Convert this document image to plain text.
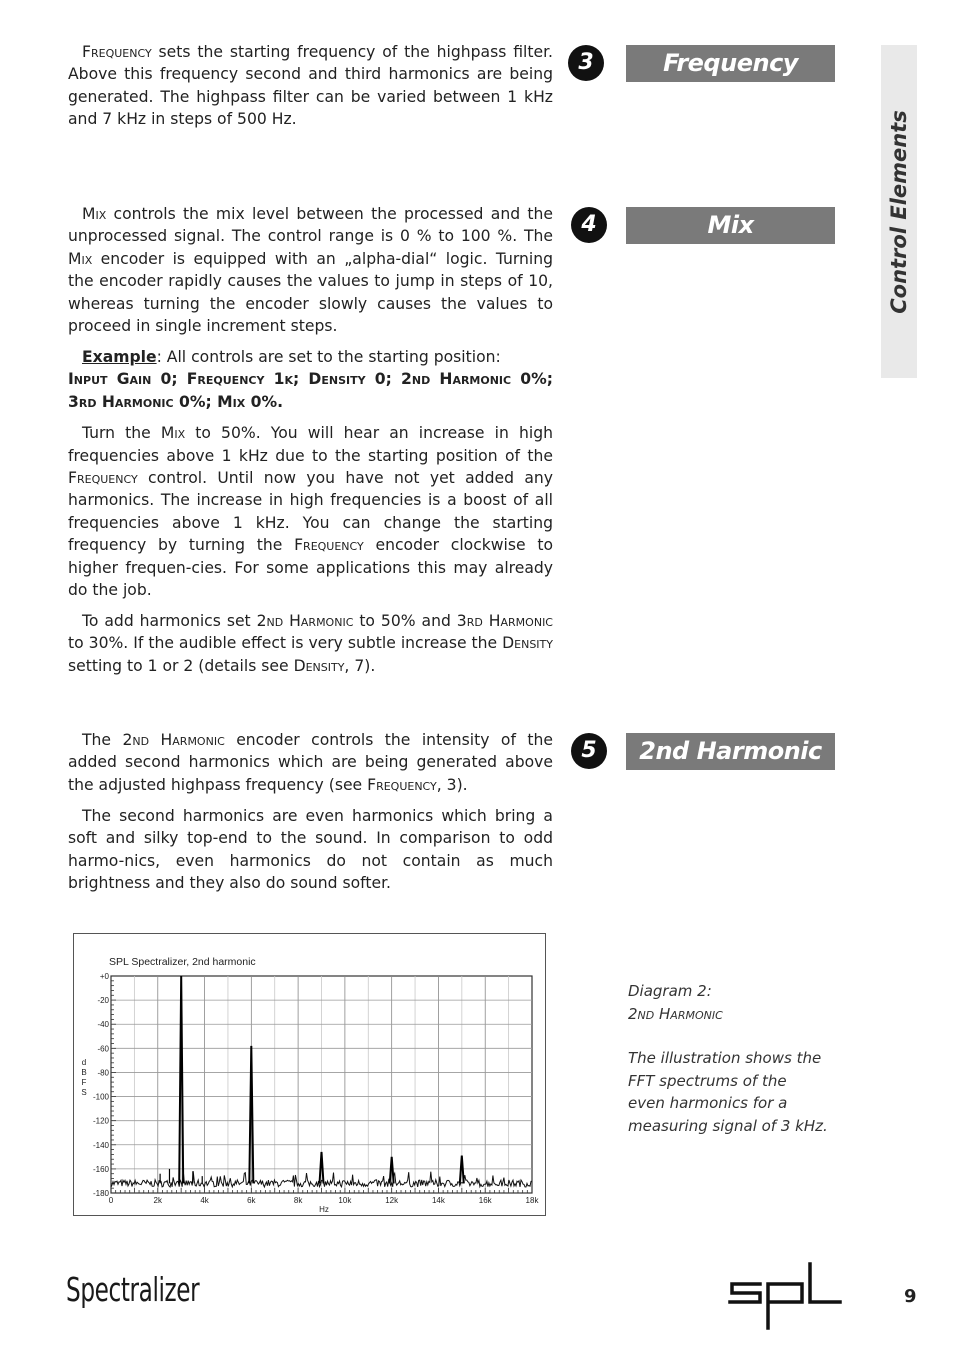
Control Elements
3	Frequency

Frequency sets the starting frequency of the highpass filter. Above this frequency second and third harmonics are being generated. The highpass filter can be varied between 1 kHz and 7 kHz in steps of 500 Hz.

4	Mix

Mix controls the mix level between the processed and the unprocessed signal. The control range is 0 % to 100 %. The Mix encoder is equipped with an „alpha-dial“ logic. Turning the encoder rapidly causes the values to jump in steps of 10, whereas turning the encoder slowly causes the values to proceed in single increment steps.

Example: All controls are set to the starting position:
Input Gain 0; Frequency 1k; Density 0; 2nd Harmonic 0%; 3rd Harmonic 0%; Mix 0%.

Turn the Mix to 50%. You will hear an increase in high frequencies above 1 kHz due to the starting position of the Frequency control. Until now you have not yet added any harmonics. The increase in high frequencies is a boost of all frequencies above 1 kHz. You can change the starting frequency by turning the Frequency encoder clockwise to higher frequen-cies. For some applications this may already do the job.

To add harmonics set 2nd Harmonic to 50% and 3rd Harmonic to 30%. If the audible effect is very subtle increase the Density setting to 1 or 2 (details see Density, 7).

5	2nd Harmonic

The 2nd Harmonic encoder controls the intensity of the added second harmonics which are being generated above the adjusted highpass frequency (see Frequency, 3).

The second harmonics are even harmonics which bring a soft and silky top-end to the sound. In comparison to odd harmo-nics, even harmonics do not contain as much brightness and they also do sound softer.

SPL Spectralizer, 2nd harmonic
Hz
+0
-20
-40
-60
-80
-100
-120
-140
-160
-180
0	2k	4k	6k	8k	10k	12k	14k	16k	18k
d
B
F
S
Diagram 2:
2nd Harmonic
The illustration shows the FFT spectrums of the even harmonics for a measuring signal of 3 kHz.
Spectralizer	9
